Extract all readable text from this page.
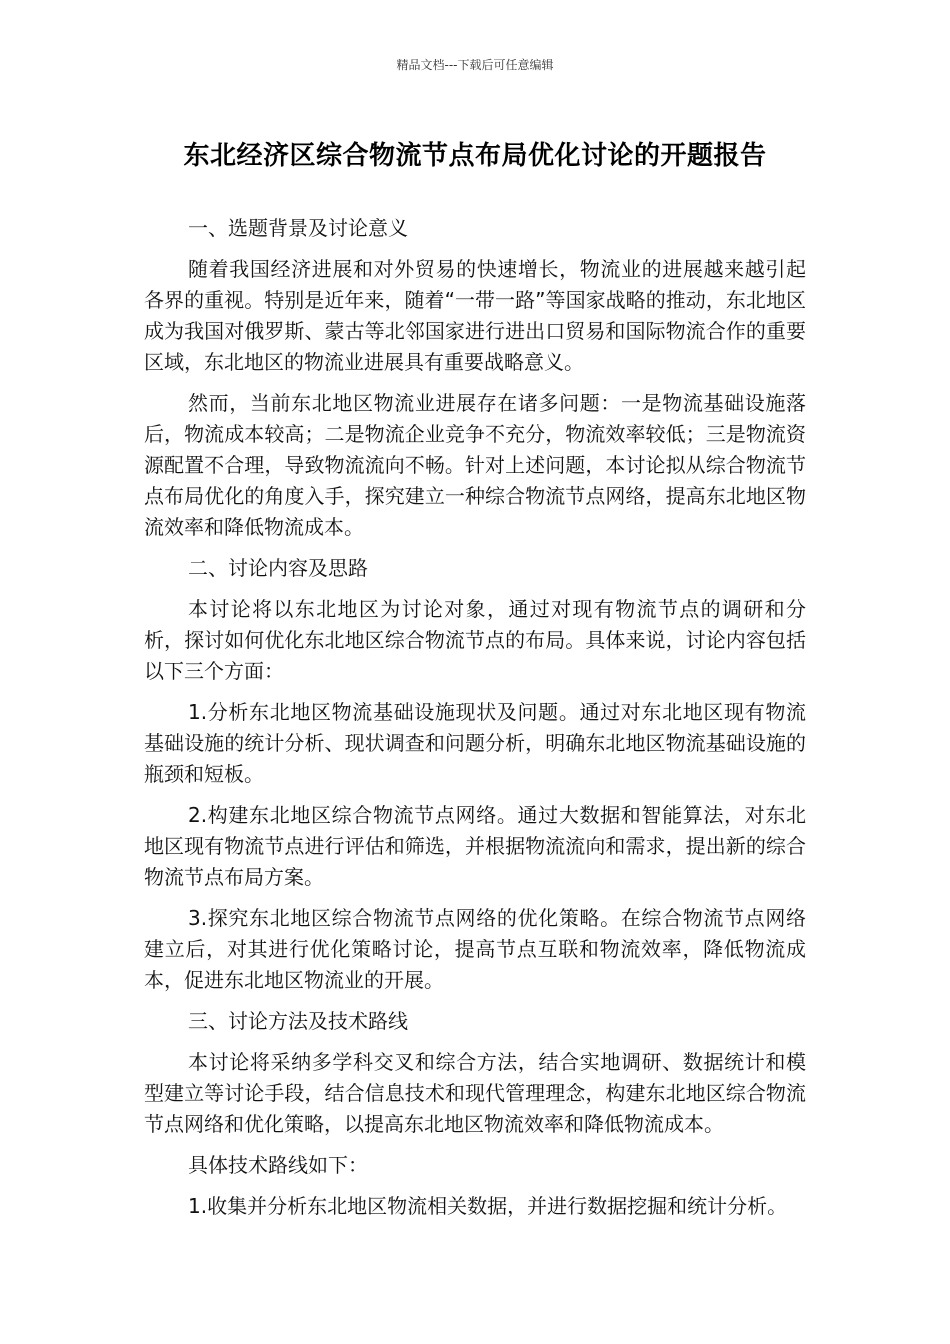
精品文档---下载后可任意编辑
东北经济区综合物流节点布局优化讨论的开题报告

一、选题背景及讨论意义

随着我国经济进展和对外贸易的快速增长，物流业的进展越来越引起各界的重视。特别是近年来，随着“一带一路”等国家战略的推动，东北地区成为我国对俄罗斯、蒙古等北邻国家进行进出口贸易和国际物流合作的重要区域，东北地区的物流业进展具有重要战略意义。

然而，当前东北地区物流业进展存在诸多问题：一是物流基础设施落后，物流成本较高；二是物流企业竞争不充分，物流效率较低；三是物流资源配置不合理，导致物流流向不畅。针对上述问题，本讨论拟从综合物流节点布局优化的角度入手，探究建立一种综合物流节点网络，提高东北地区物流效率和降低物流成本。

二、讨论内容及思路

本讨论将以东北地区为讨论对象，通过对现有物流节点的调研和分析，探讨如何优化东北地区综合物流节点的布局。具体来说，讨论内容包括以下三个方面：

1.分析东北地区物流基础设施现状及问题。通过对东北地区现有物流基础设施的统计分析、现状调查和问题分析，明确东北地区物流基础设施的瓶颈和短板。

2.构建东北地区综合物流节点网络。通过大数据和智能算法，对东北地区现有物流节点进行评估和筛选，并根据物流流向和需求，提出新的综合物流节点布局方案。

3.探究东北地区综合物流节点网络的优化策略。在综合物流节点网络建立后，对其进行优化策略讨论，提高节点互联和物流效率，降低物流成本，促进东北地区物流业的开展。

三、讨论方法及技术路线

本讨论将采纳多学科交叉和综合方法，结合实地调研、数据统计和模型建立等讨论手段，结合信息技术和现代管理理念，构建东北地区综合物流节点网络和优化策略，以提高东北地区物流效率和降低物流成本。

具体技术路线如下：

1.收集并分析东北地区物流相关数据，并进行数据挖掘和统计分析。
